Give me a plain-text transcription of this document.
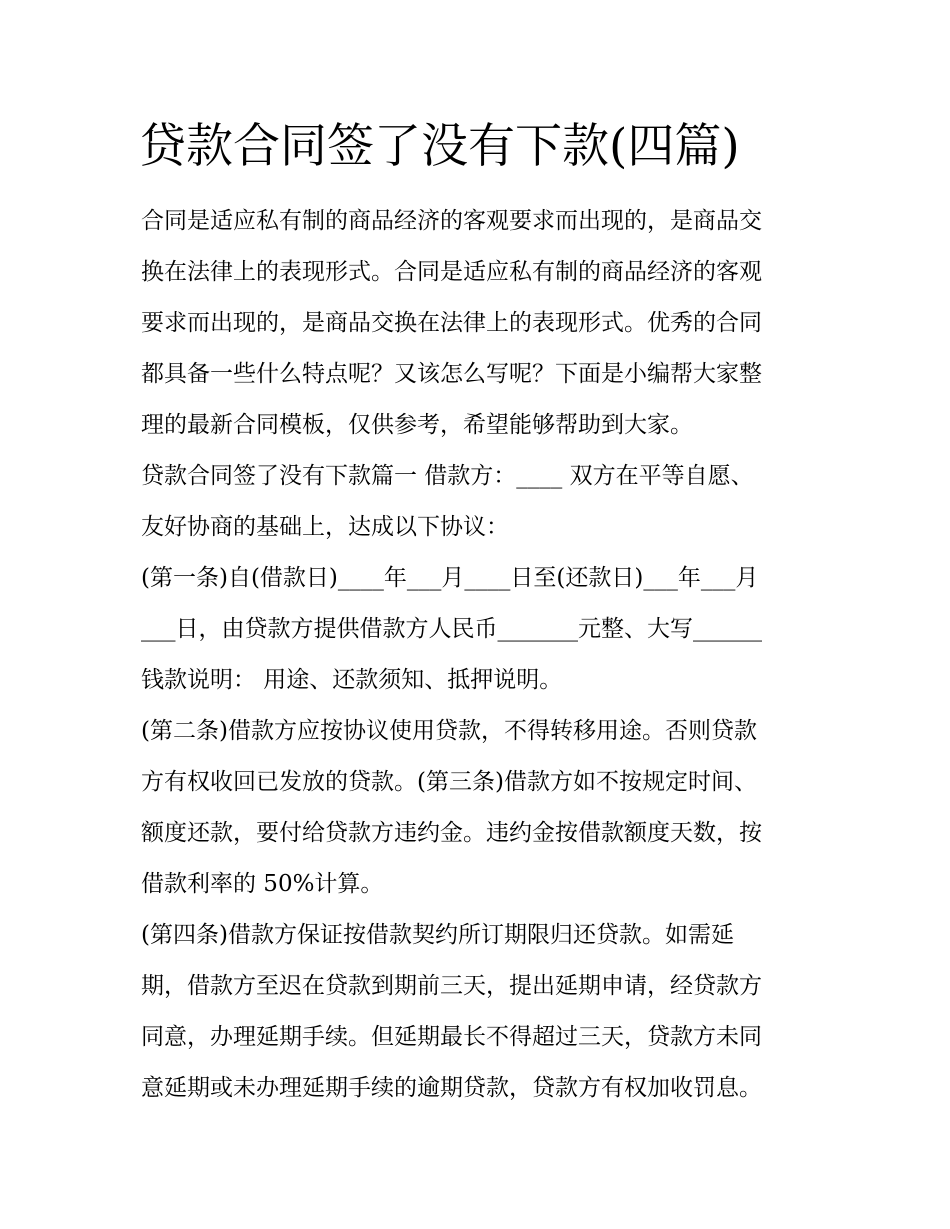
贷款合同签了没有下款(四篇)
合同是适应私有制的商品经济的客观要求而出现的，是商品交
换在法律上的表现形式。合同是适应私有制的商品经济的客观
要求而出现的，是商品交换在法律上的表现形式。优秀的合同
都具备一些什么特点呢？又该怎么写呢？下面是小编帮大家整
理的最新合同模板，仅供参考，希望能够帮助到大家。
贷款合同签了没有下款篇一 借款方：____ 双方在平等自愿、
友好协商的基础上，达成以下协议：
(第一条)自(借款日)____年___月____日至(还款日)___年___月
___日，由贷款方提供借款方人民币_______元整、大写______
钱款说明： 用途、还款须知、抵押说明。
(第二条)借款方应按协议使用贷款，不得转移用途。否则贷款
方有权收回已发放的贷款。(第三条)借款方如不按规定时间、
额度还款，要付给贷款方违约金。违约金按借款额度天数，按
借款利率的 50%计算。
(第四条)借款方保证按借款契约所订期限归还贷款。如需延
期，借款方至迟在贷款到期前三天，提出延期申请，经贷款方
同意，办理延期手续。但延期最长不得超过三天，贷款方未同
意延期或未办理延期手续的逾期贷款，贷款方有权加收罚息。
